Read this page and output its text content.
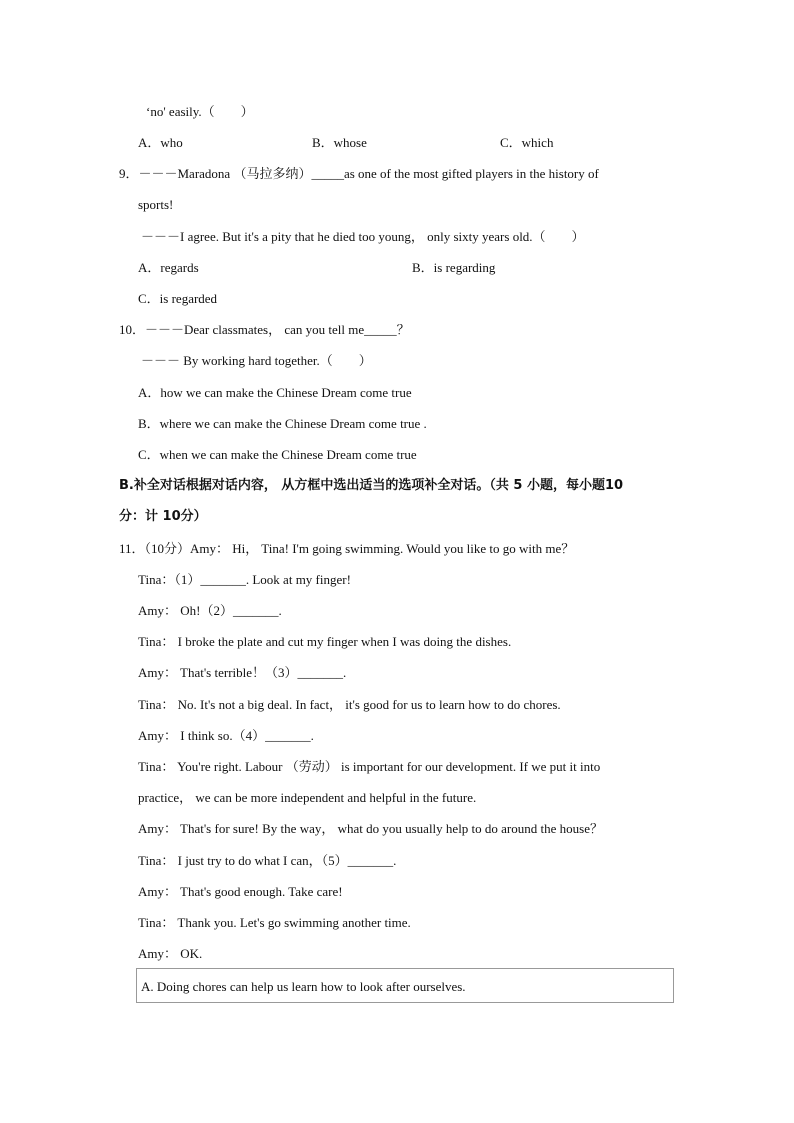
‘no' easily.（　　）
A．who	B．whose	C．which
9．－－－Maradona （马拉多纳）_____as one of the most gifted players in the history of
sports!
－－－I agree. But it's a pity that he died too young， only sixty years old.（　　）
A．regards	B．is regarding
C．is regarded
10．－－－Dear classmates， can you tell me_____？
－－－ By working hard together.（　　）
A．how we can make the Chinese Dream come true
B．where we can make the Chinese Dream come true .
C．when we can make the Chinese Dream come true
B.补全对话根据对话内容， 从方框中选出适当的选项补全对话。（共 5 小题，每小题10
分：计 10分）
11．（10分）Amy： Hi， Tina! I'm going swimming. Would you like to go with me？
Tina：（1）_______. Look at my finger!
Amy： Oh!（2）_______.
Tina： I broke the plate and cut my finger when I was doing the dishes.
Amy： That's terrible！（3）_______.
Tina： No. It's not a big deal. In fact， it's good for us to learn how to do chores.
Amy： I think so.（4）_______.
Tina： You're right. Labour （劳动） is important for our development. If we put it into
practice， we can be more independent and helpful in the future.
Amy： That's for sure! By the way， what do you usually help to do around the house？
Tina： I just try to do what I can，（5）_______.
Amy： That's good enough. Take care!
Tina： Thank you. Let's go swimming another time.
Amy： OK.
A. Doing chores can help us learn how to look after ourselves.
